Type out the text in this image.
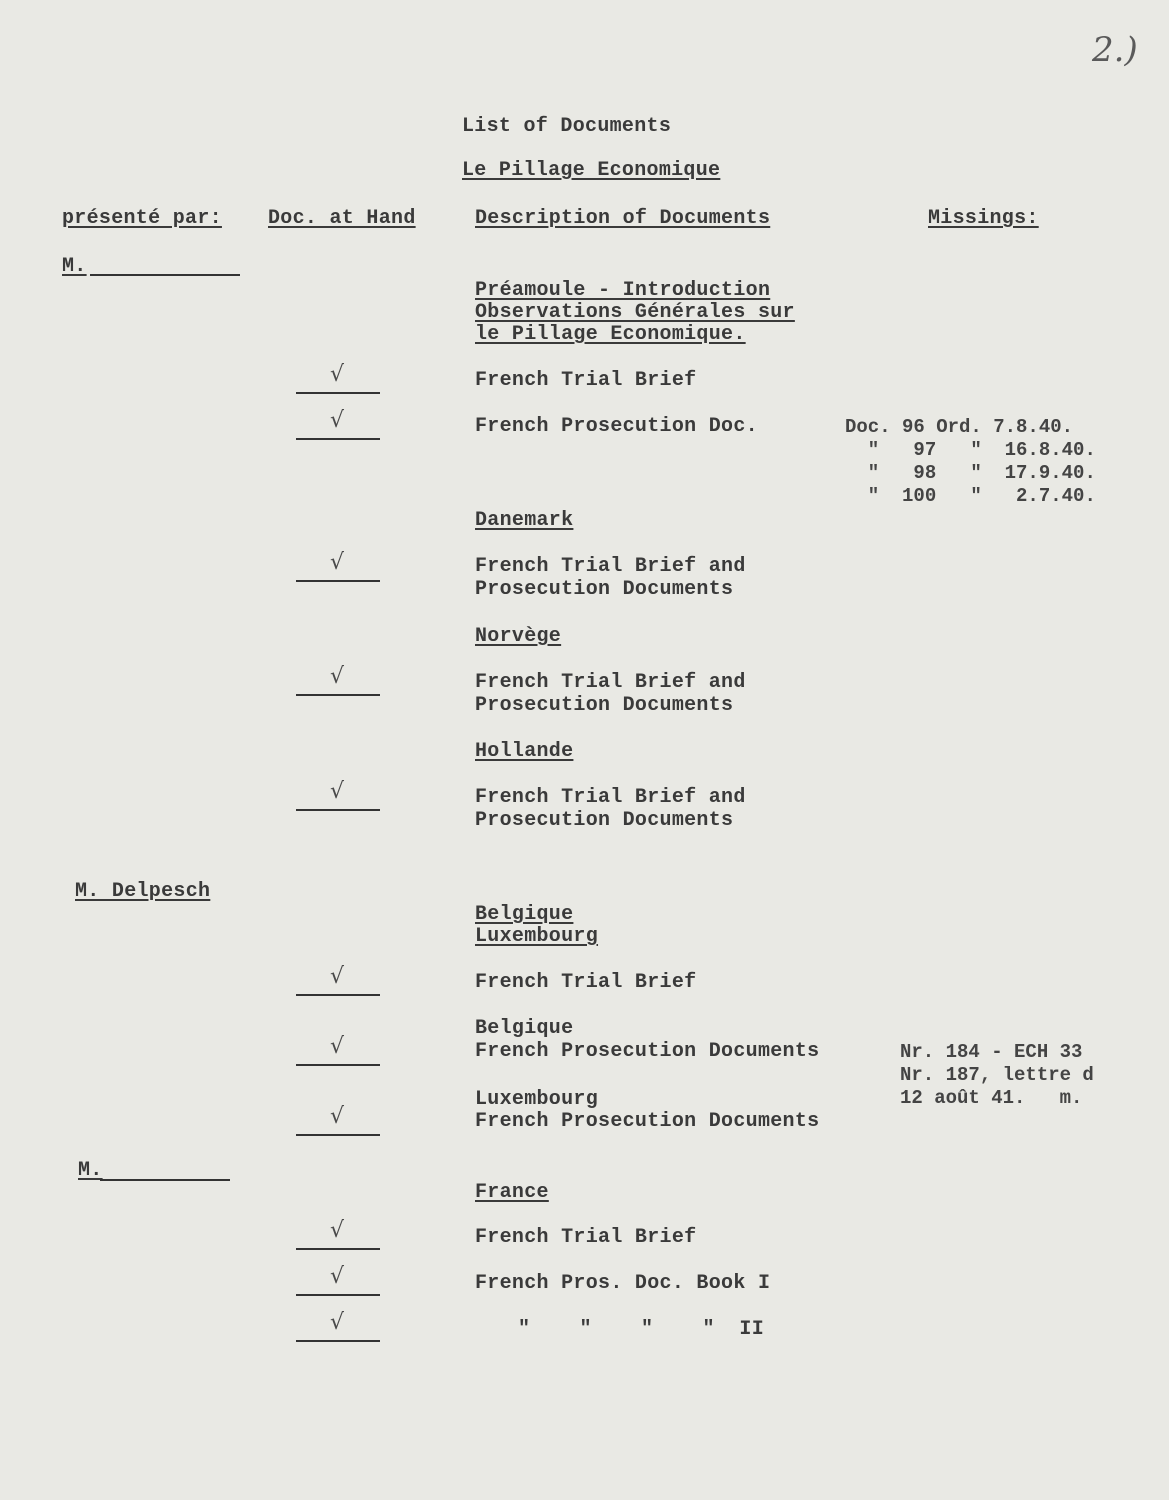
2.)
List of Documents
Le Pillage Economique
présenté par: Doc. at Hand	Description of Documents	Missings:
M.
Préamoule - Introduction
Observations Générales sur
le Pillage Economique.
√	French Trial Brief
√	French Prosecution Doc.	Doc. 96 Ord. 7.8.40.
"   97   "  16.8.40.
"   98   "  17.9.40.
"  100   "   2.7.40.
Danemark
√	French Trial Brief and
Prosecution Documents
Norvège
√	French Trial Brief and
Prosecution Documents
Hollande
√	French Trial Brief and
Prosecution Documents
M. Delpesch
Belgique
Luxembourg
√	French Trial Brief
Belgique
√	French Prosecution Documents	Nr. 184 - ECH 33
Nr. 187, lettre d
12 août 41.   m.
Luxembourg
√	French Prosecution Documents
M.
France
√	French Trial Brief
√	French Pros. Doc. Book I
√	"    "    "    "  II
